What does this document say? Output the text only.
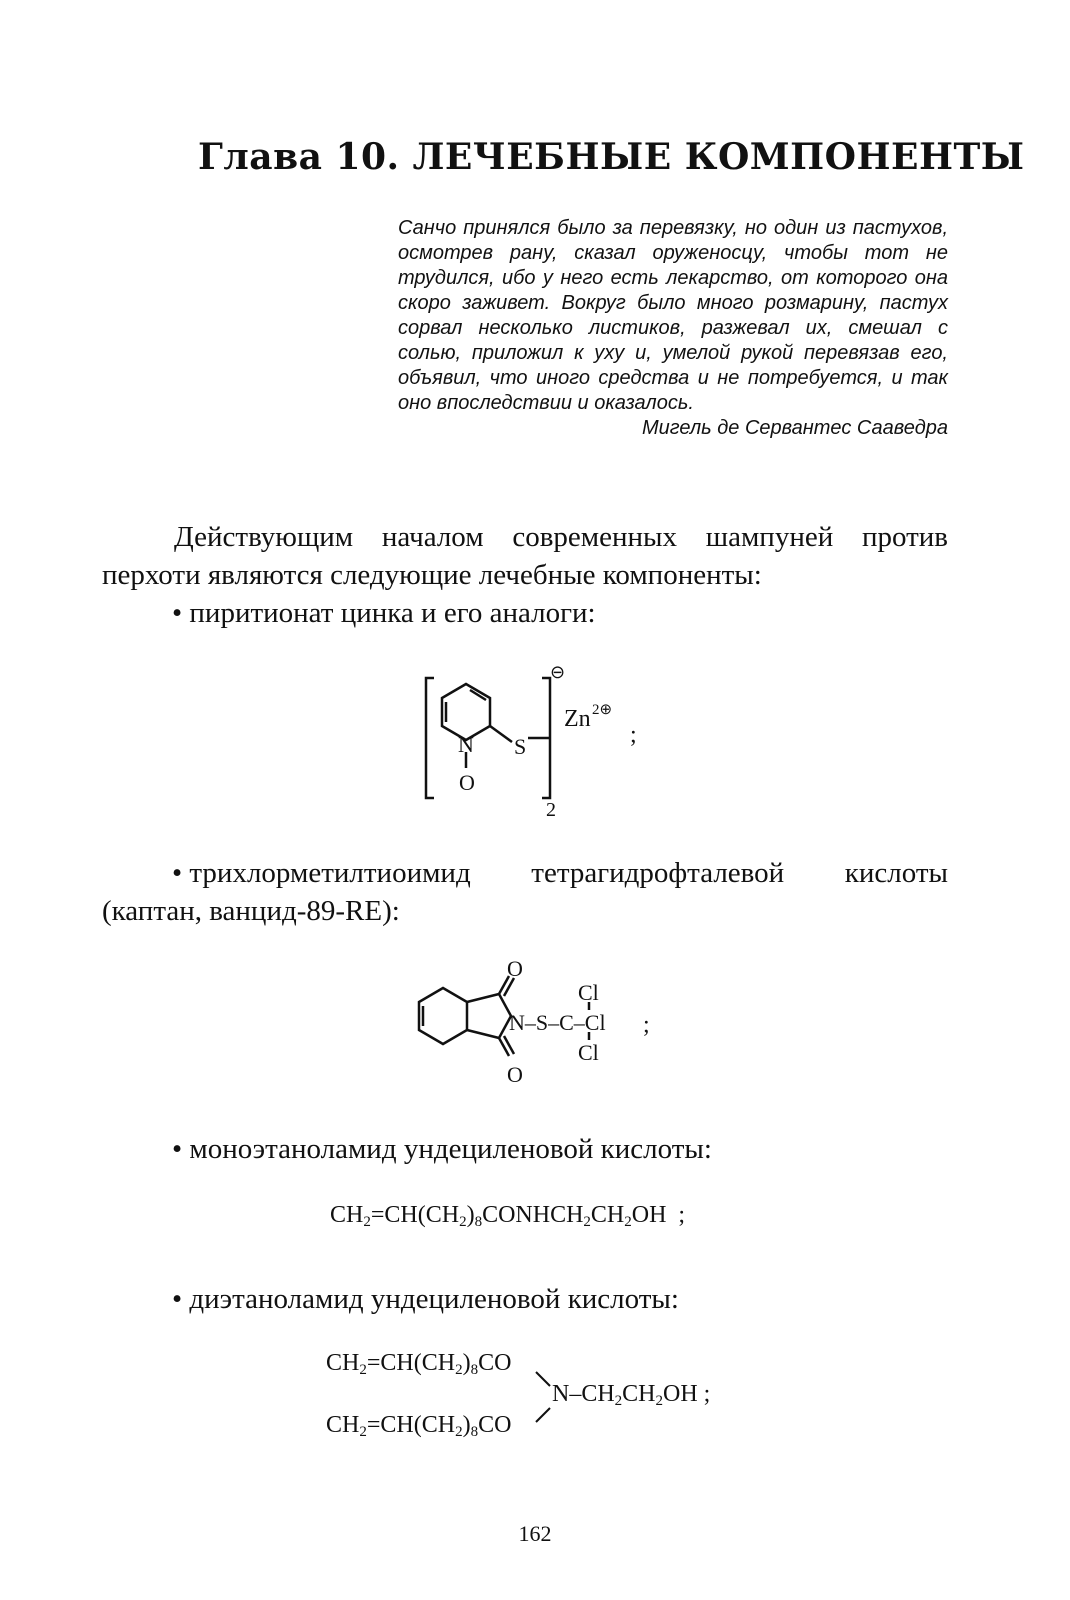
Глава 10. ЛЕЧЕБНЫЕ КОМПОНЕНТЫ
Санчо принялся было за перевязку, но один из пастухов, осмотрев рану, сказал оруженосцу, чтобы тот не трудился, ибо у него есть лекарство, от которого она скоро заживет. Вокруг было много розмарину, пастух сорвал несколько листиков, разжевал их, смешал с солью, приложил к уху и, умелой рукой перевязав его, объявил, что иного средства и не потребуется, и так оно впоследствии и оказалось.
Мигель де Сервантес Сааведра
Действующим началом современных шампуней против перхоти являются следующие лечебные компоненты:
• пиритионат цинка и его аналоги:
N S
O
⊖
2
Zn 2⊕
;
• трихлорметилтиоимид тетрагидрофталевой кислоты
(каптан, ванцид-89-RE):
O
O
N–S–C–Cl
Cl
Cl
;
• моноэтаноламид ундециленовой кислоты:
$CH_2=CH(CH_2)_8CONHCH_2CH_2OH$  ;
• диэтаноламид ундециленовой кислоты:
$CH_2=CH(CH_2)_8CO$
$CH_2=CH(CH_2)_8CO$
$N-CH_2CH_2OH$ ;
162
